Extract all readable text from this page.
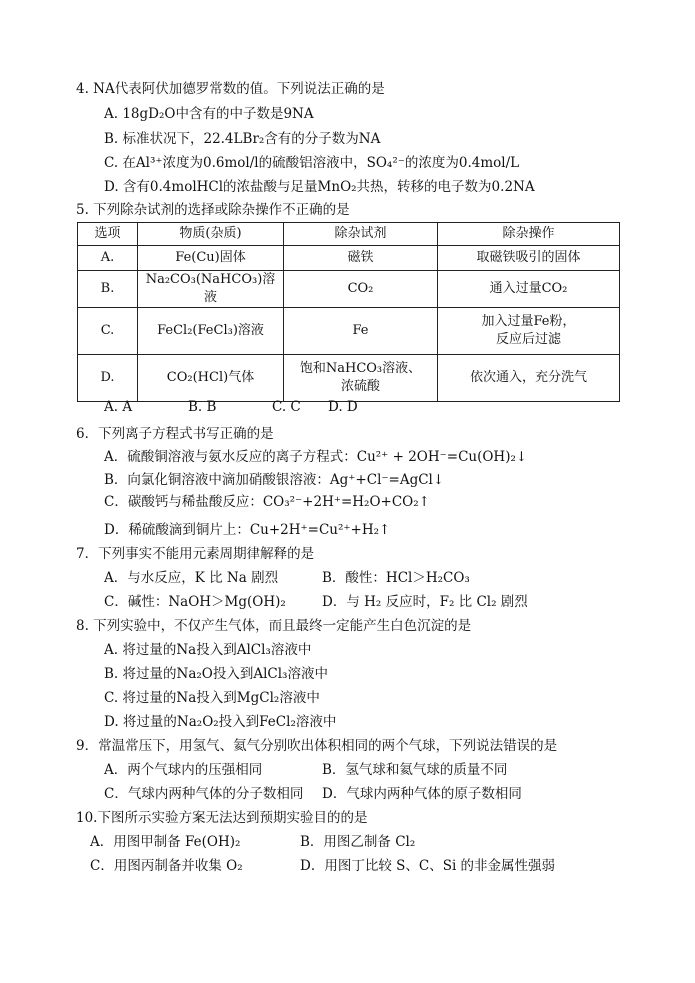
4. NA代表阿伏加德罗常数的值。下列说法正确的是
A. 18gD₂O中含有的中子数是9NA
B. 标准状况下，22.4LBr₂含有的分子数为NA
C. 在Al³⁺浓度为0.6mol/l的硫酸铝溶液中，SO₄²⁻的浓度为0.4mol/L
D. 含有0.4molHCl的浓盐酸与足量MnO₂共热，转移的电子数为0.2NA
5. 下列除杂试剂的选择或除杂操作不正确的是
选项	物质(杂质)	除杂试剂	除杂操作
A.	Fe(Cu)固体	磁铁	取磁铁吸引的固体
B.	Na₂CO₃(NaHCO₃)溶液	CO₂	通入过量CO₂
C.	FeCl₂(FeCl₃)溶液	Fe	加入过量Fe粉，
反应后过滤

D.	CO₂(HCl)气体	饱和NaHCO₃溶液、
浓硫酸	依次通入，充分洗气
A. A	B. B	C. C D. D
6．下列离子方程式书写正确的是
A．硫酸铜溶液与氨水反应的离子方程式：Cu²⁺ + 2OH⁻=Cu(OH)₂↓
B．向氯化铜溶液中滴加硝酸银溶液：Ag⁺+Cl⁻=AgCl↓
C．碳酸钙与稀盐酸反应：CO₃²⁻+2H⁺=H₂O+CO₂↑
D．稀硫酸滴到铜片上：Cu+2H⁺=Cu²⁺+H₂↑
7．下列事实不能用元素周期律解释的是
A．与水反应，K 比 Na 剧烈	B．酸性：HCl＞H₂CO₃
C．碱性：NaOH＞Mg(OH)₂	D．与 H₂ 反应时，F₂ 比 Cl₂ 剧烈
8. 下列实验中，不仅产生气体，而且最终一定能产生白色沉淀的是
A. 将过量的Na投入到AlCl₃溶液中
B. 将过量的Na₂O投入到AlCl₃溶液中
C. 将过量的Na投入到MgCl₂溶液中
D. 将过量的Na₂O₂投入到FeCl₂溶液中
9．常温常压下，用氢气、氦气分别吹出体积相同的两个气球，下列说法错误的是
A．两个气球内的压强相同	B．氢气球和氦气球的质量不同
C．气球内两种气体的分子数相同 D．气球内两种气体的原子数相同
10.下图所示实验方案无法达到预期实验目的的是
A．用图甲制备 Fe(OH)₂	B．用图乙制备 Cl₂
C．用图丙制备并收集 O₂	D．用图丁比较 S、C、Si 的非金属性强弱
